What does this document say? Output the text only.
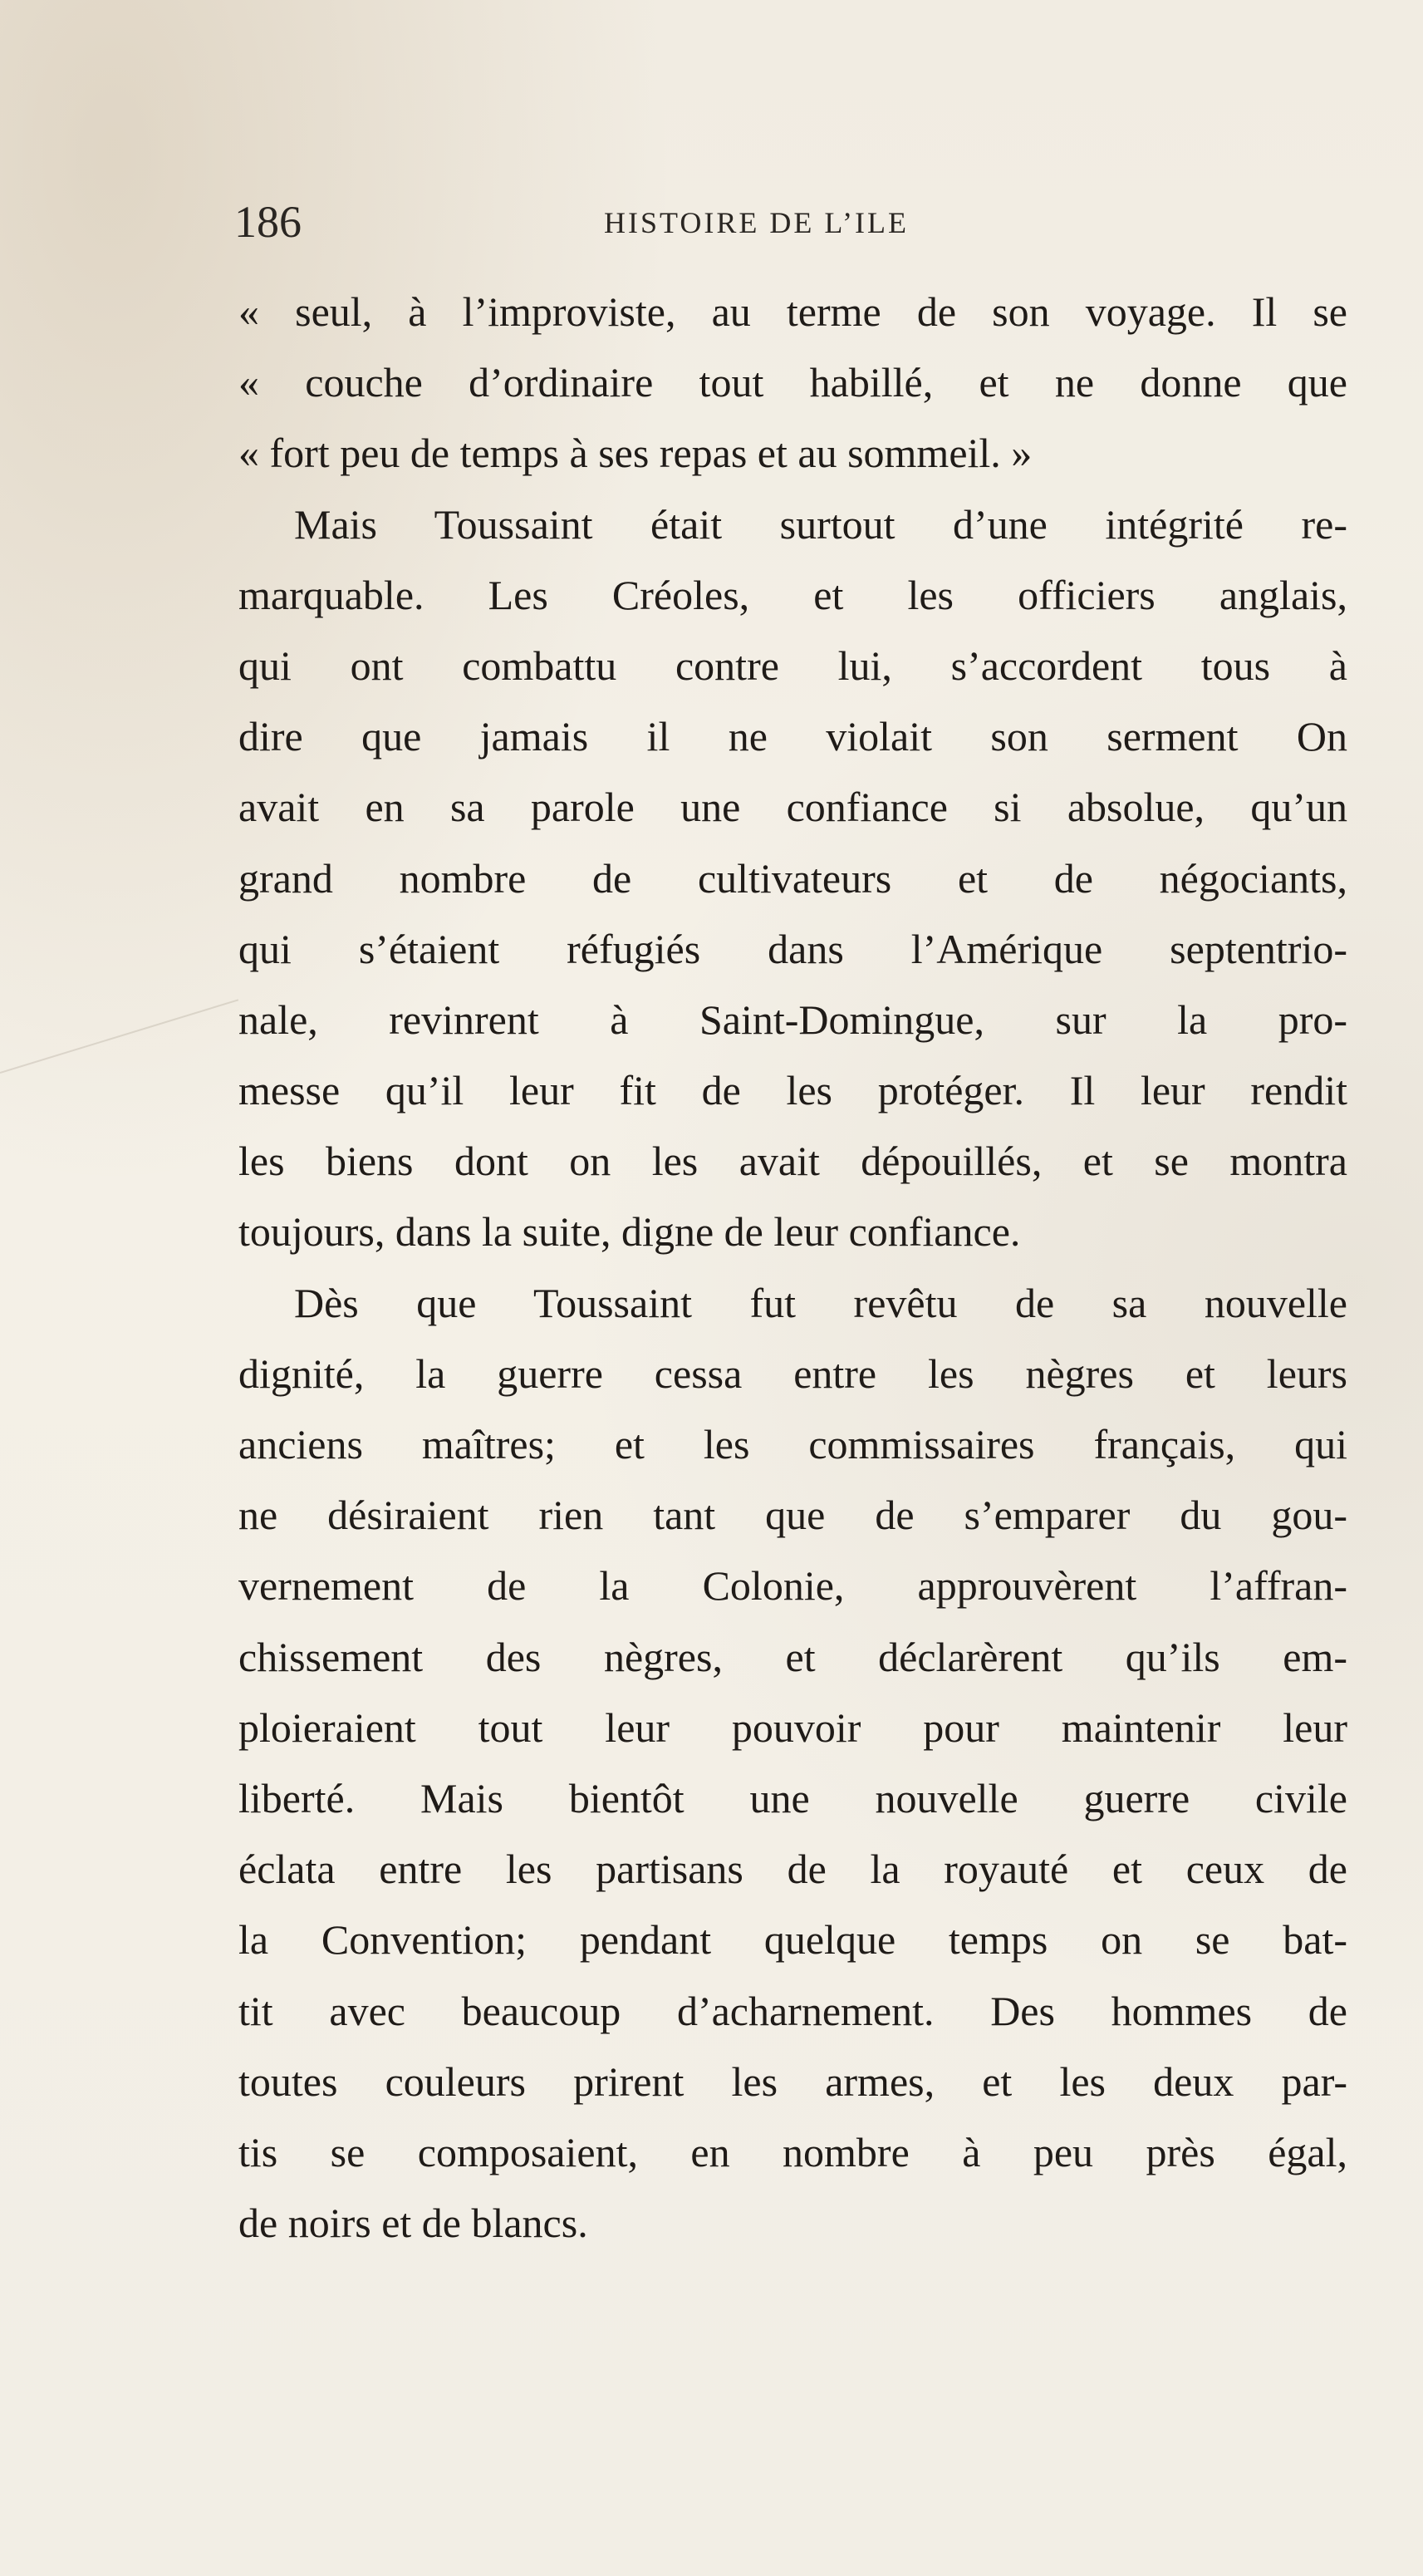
186	HISTOIRE DE L’ILE
« seul, à l’improviste, au terme de son voyage. Il se
« couche d’ordinaire tout habillé, et ne donne que
« fort peu de temps à ses repas et au sommeil. »
Mais Toussaint était surtout d’une intégrité re-
marquable. Les Créoles, et les officiers anglais,
qui ont combattu contre lui, s’accordent tous à
dire que jamais il ne violait son serment On
avait en sa parole une confiance si absolue, qu’un
grand nombre de cultivateurs et de négociants,
qui s’étaient réfugiés dans l’Amérique septentrio-
nale, revinrent à Saint-Domingue, sur la pro-
messe qu’il leur fit de les protéger. Il leur rendit
les biens dont on les avait dépouillés, et se montra
toujours, dans la suite, digne de leur confiance.
Dès que Toussaint fut revêtu de sa nouvelle
dignité, la guerre cessa entre les nègres et leurs
anciens maîtres; et les commissaires français, qui
ne désiraient rien tant que de s’emparer du gou-
vernement de la Colonie, approuvèrent l’affran-
chissement des nègres, et déclarèrent qu’ils em-
ploieraient tout leur pouvoir pour maintenir leur
liberté. Mais bientôt une nouvelle guerre civile
éclata entre les partisans de la royauté et ceux de
la Convention; pendant quelque temps on se bat-
tit avec beaucoup d’acharnement. Des hommes de
toutes couleurs prirent les armes, et les deux par-
tis se composaient, en nombre à peu près égal,
de noirs et de blancs.
